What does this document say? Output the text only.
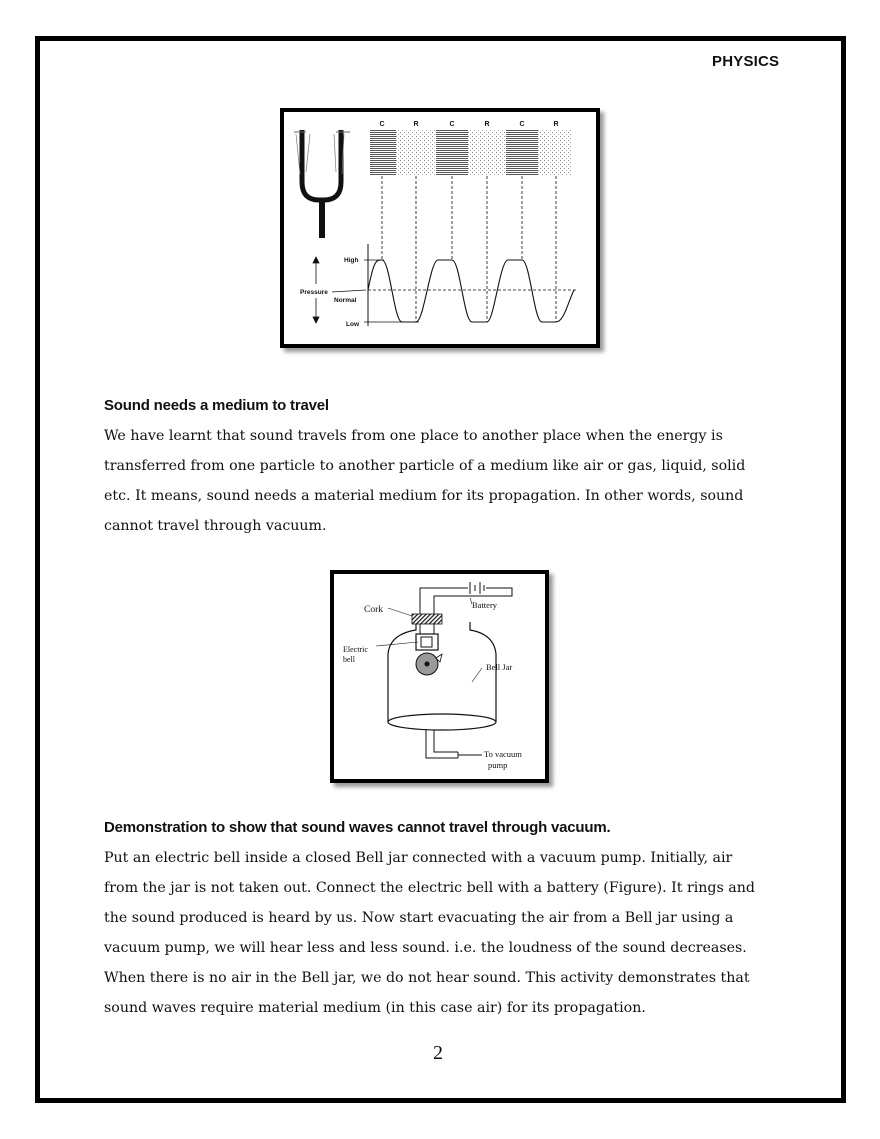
PHYSICS
C	R	C	R	C	R
High
Pressure
Normal
Low
Sound needs a medium to travel
We have learnt that sound travels from one place to another place when the energy is
transferred from one particle to another particle of a medium like air or gas, liquid, solid
etc. It means, sound needs a material medium for its propagation. In other words, sound
cannot travel through vacuum.
Cork	Battery
Electric
bell
Bell Jar
To vacuum
pump
Demonstration to show that sound waves cannot travel through vacuum.
Put an electric bell inside a closed Bell jar connected with a vacuum pump. Initially, air
from the jar is not taken out. Connect the electric bell with a battery (Figure). It rings and
the sound produced is heard by us. Now start evacuating the air from a Bell jar using a
vacuum pump, we will hear less and less sound. i.e. the loudness of the sound decreases.
When there is no air in the Bell jar, we do not hear sound. This activity demonstrates that
sound waves require material medium (in this case air) for its propagation.
2
